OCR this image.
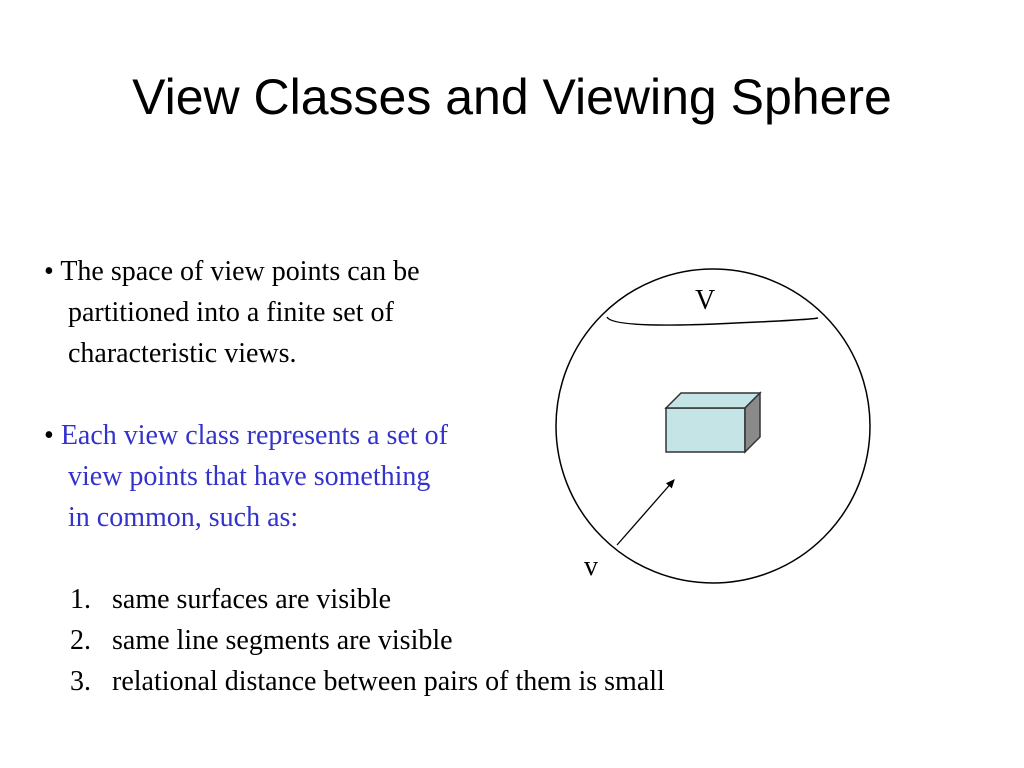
View Classes and Viewing Sphere
• The space of view points can be
partitioned into a finite set of
characteristic views.
• Each view class represents a set of
view points that have something
in common, such as:
1. same surfaces are visible
2. same line segments are visible
3. relational distance between pairs of them is small
V
v
